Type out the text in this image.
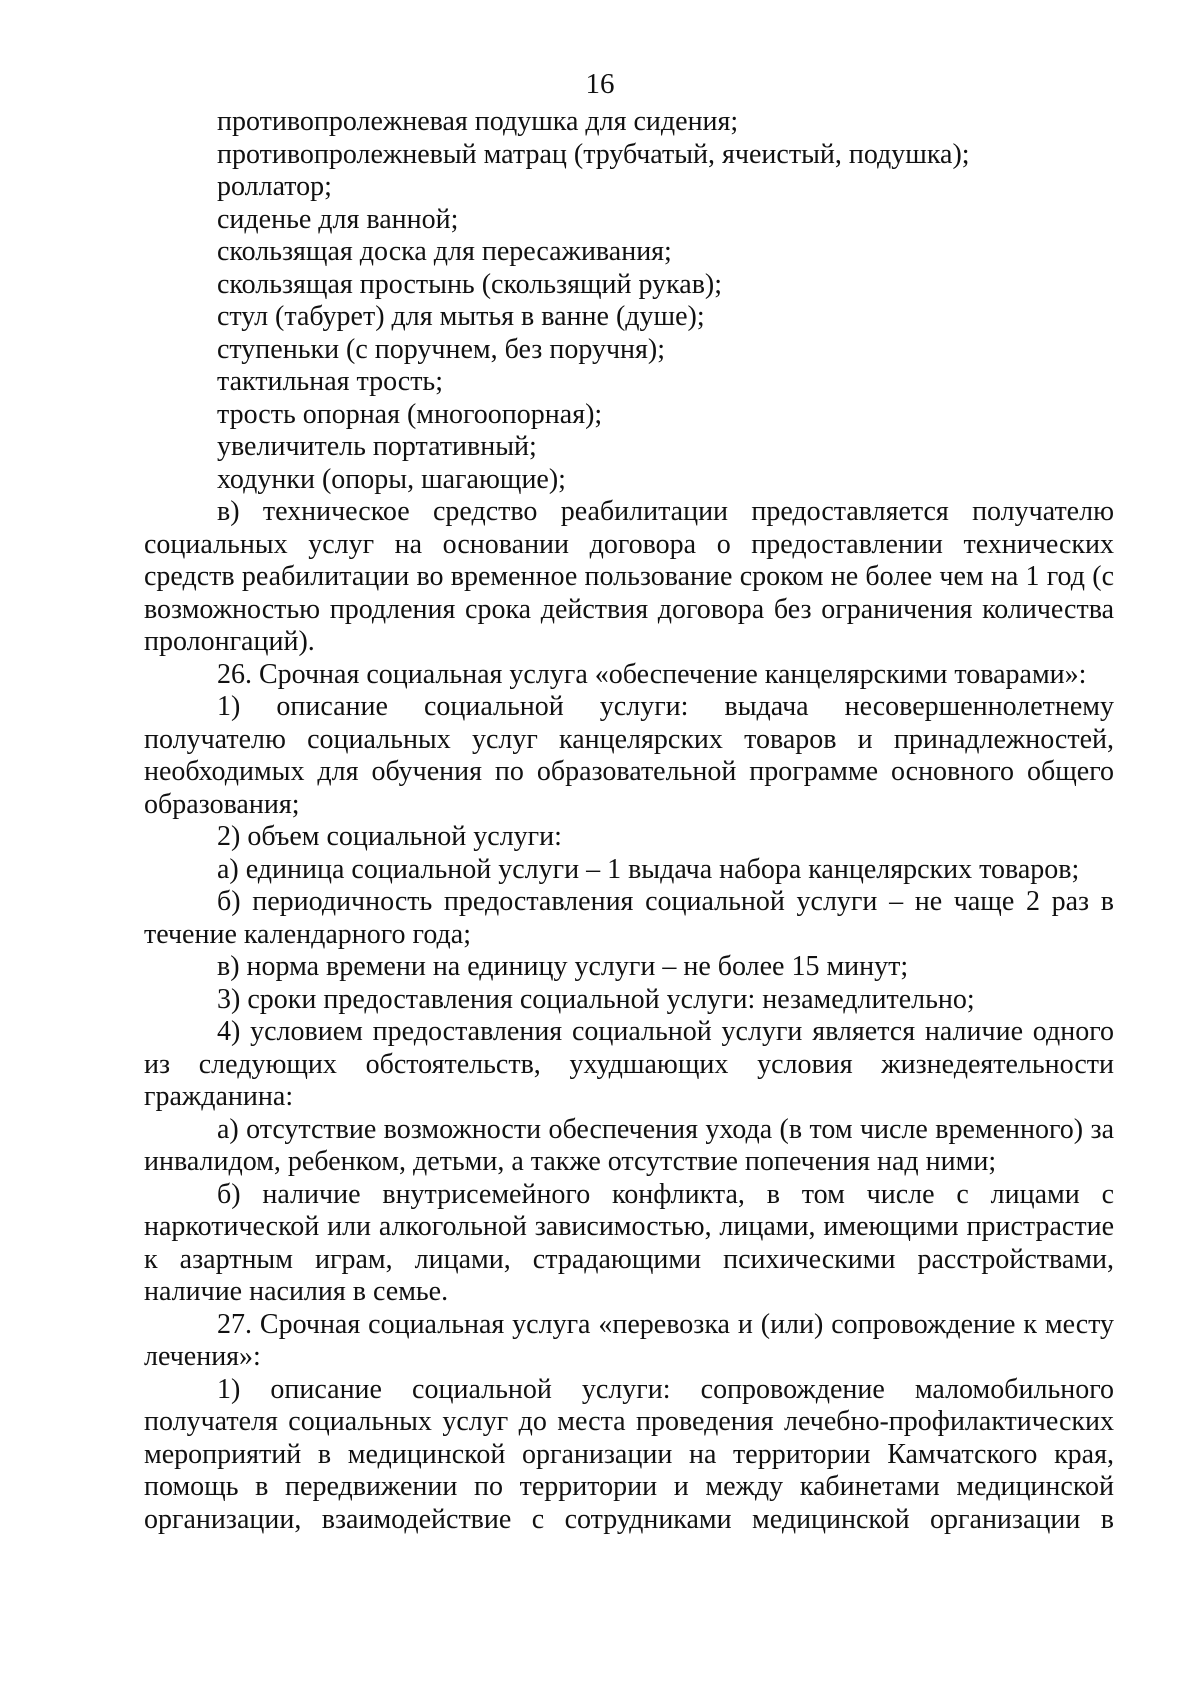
16

противопролежневая подушка для сидения;

противопролежневый матрац (трубчатый, ячеистый, подушка);

роллатор;

сиденье для ванной;

скользящая доска для пересаживания;

скользящая простынь (скользящий рукав);

стул (табурет) для мытья в ванне (душе);

ступеньки (с поручнем, без поручня);

тактильная трость;

трость опорная (многоопорная);

увеличитель портативный;

ходунки (опоры, шагающие);

в) техническое средство реабилитации предоставляется получателю социальных услуг на основании договора о предоставлении технических средств реабилитации во временное пользование сроком не более чем на 1 год (с возможностью продления срока действия договора без ограничения количества пролонгаций).

26. Срочная социальная услуга «обеспечение канцелярскими товарами»:

1) описание социальной услуги: выдача несовершеннолетнему получателю социальных услуг канцелярских товаров и принадлежностей, необходимых для обучения по образовательной программе основного общего образования;

2) объем социальной услуги:

а) единица социальной услуги – 1 выдача набора канцелярских товаров;

б) периодичность предоставления социальной услуги – не чаще 2 раз в течение календарного года;

в) норма времени на единицу услуги – не более 15 минут;

3) сроки предоставления социальной услуги: незамедлительно;

4) условием предоставления социальной услуги является наличие одного из следующих обстоятельств, ухудшающих условия жизнедеятельности гражданина:

а) отсутствие возможности обеспечения ухода (в том числе временного) за инвалидом, ребенком, детьми, а также отсутствие попечения над ними;

б) наличие внутрисемейного конфликта, в том числе с лицами с наркотической или алкогольной зависимостью, лицами, имеющими пристрастие к азартным играм, лицами, страдающими психическими расстройствами, наличие насилия в семье.

27. Срочная социальная услуга «перевозка и (или) сопровождение к месту лечения»:

1) описание социальной услуги: сопровождение маломобильного получателя социальных услуг до места проведения лечебно-профилактических мероприятий в медицинской организации на территории Камчатского края, помощь в передвижении по территории и между кабинетами медицинской организации, взаимодействие с сотрудниками медицинской организации в
